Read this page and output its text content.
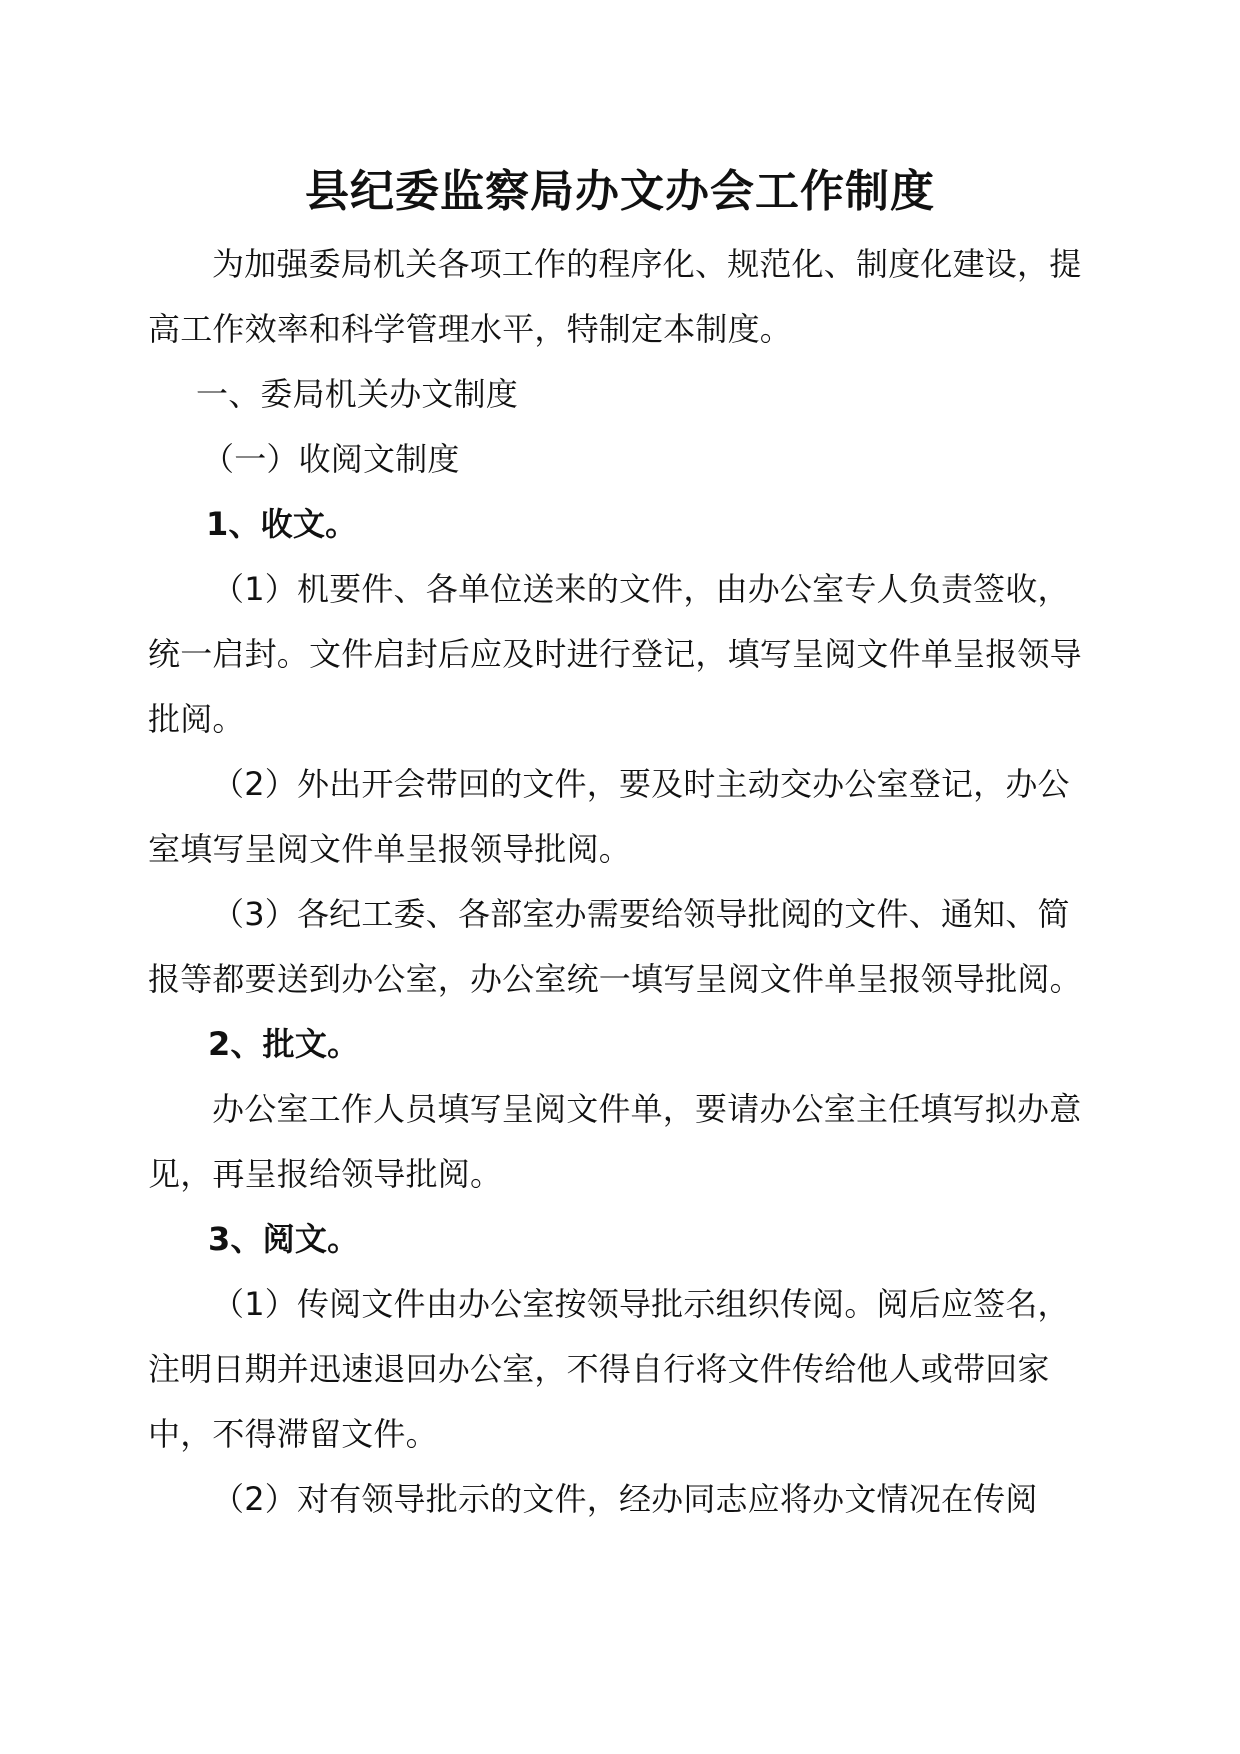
县纪委监察局办文办会工作制度

为加强委局机关各项工作的程序化、规范化、制度化建设，提高工作效率和科学管理水平，特制定本制度。

一、委局机关办文制度

（一）收阅文制度

1、收文。

（1）机要件、各单位送来的文件，由办公室专人负责签收，统一启封。文件启封后应及时进行登记，填写呈阅文件单呈报领导批阅。

（2）外出开会带回的文件，要及时主动交办公室登记，办公室填写呈阅文件单呈报领导批阅。

（3）各纪工委、各部室办需要给领导批阅的文件、通知、简报等都要送到办公室，办公室统一填写呈阅文件单呈报领导批阅。

2、批文。

办公室工作人员填写呈阅文件单，要请办公室主任填写拟办意见，再呈报给领导批阅。

3、阅文。

（1）传阅文件由办公室按领导批示组织传阅。阅后应签名，注明日期并迅速退回办公室，不得自行将文件传给他人或带回家中，不得滞留文件。

（2）对有领导批示的文件，经办同志应将办文情况在传阅
